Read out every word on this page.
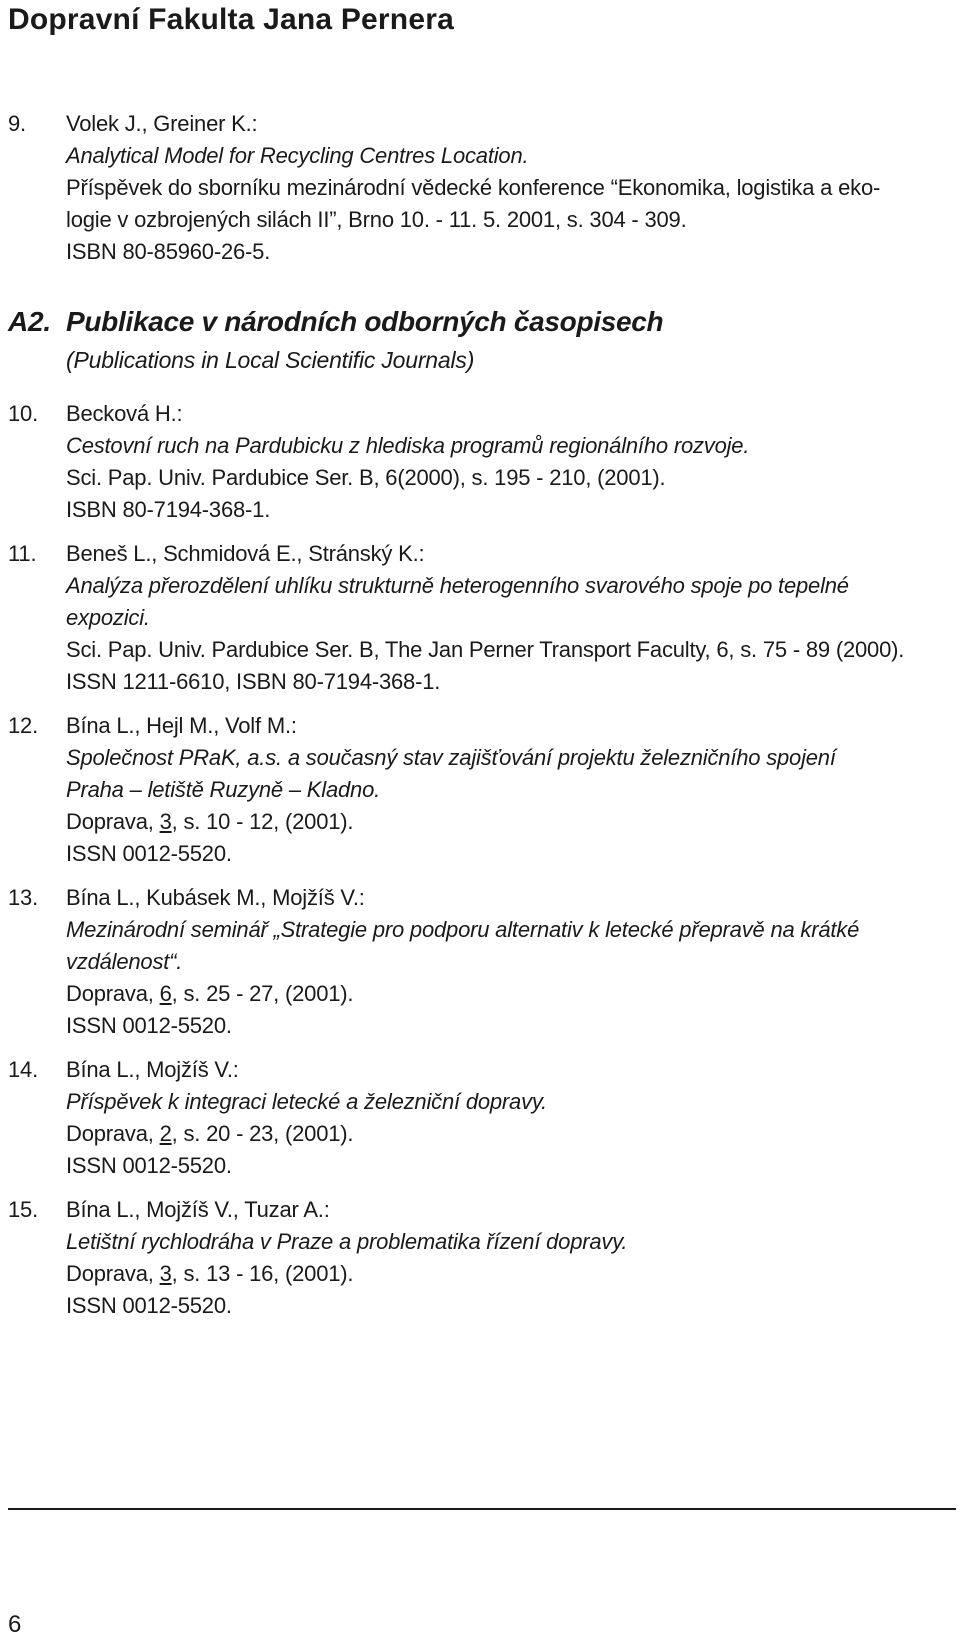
Dopravní Fakulta Jana Pernera
9.	Volek J., Greiner K.:
Analytical Model for Recycling Centres Location.
Příspěvek do sborníku mezinárodní vědecké konference “Ekonomika, logistika a eko-
logie v ozbrojených silách II”, Brno 10. - 11. 5. 2001, s. 304 - 309.
ISBN 80-85960-26-5.
A2. Publikace v národních odborných časopisech
(Publications in Local Scientific Journals)
10.	Becková H.:
Cestovní ruch na Pardubicku z hlediska programů regionálního rozvoje.
Sci. Pap. Univ. Pardubice Ser. B, 6(2000), s. 195 - 210, (2001).
ISBN 80-7194-368-1.
11.	Beneš L., Schmidová E., Stránský K.:
Analýza přerozdělení uhlíku strukturně heterogenního svarového spoje po tepelné
expozici.
Sci. Pap. Univ. Pardubice Ser. B, The Jan Perner Transport Faculty, 6, s. 75 - 89 (2000).
ISSN 1211-6610, ISBN 80-7194-368-1.
12.	Bína L., Hejl M., Volf M.:
Společnost PRaK, a.s. a současný stav zajišťování projektu železničního spojení
Praha – letiště Ruzyně – Kladno.
Doprava, 3, s. 10 - 12, (2001).
ISSN 0012-5520.
13.	Bína L., Kubásek M., Mojžíš V.:
Mezinárodní seminář „Strategie pro podporu alternativ k letecké přepravě na krátké
vzdálenost“.
Doprava, 6, s. 25 - 27, (2001).
ISSN 0012-5520.
14.	Bína L., Mojžíš V.:
Příspěvek k integraci letecké a železniční dopravy.
Doprava, 2, s. 20 - 23, (2001).
ISSN 0012-5520.
15.	Bína L., Mojžíš V., Tuzar A.:
Letištní rychlodráha v Praze a problematika řízení dopravy.
Doprava, 3, s. 13 - 16, (2001).
ISSN 0012-5520.
6
